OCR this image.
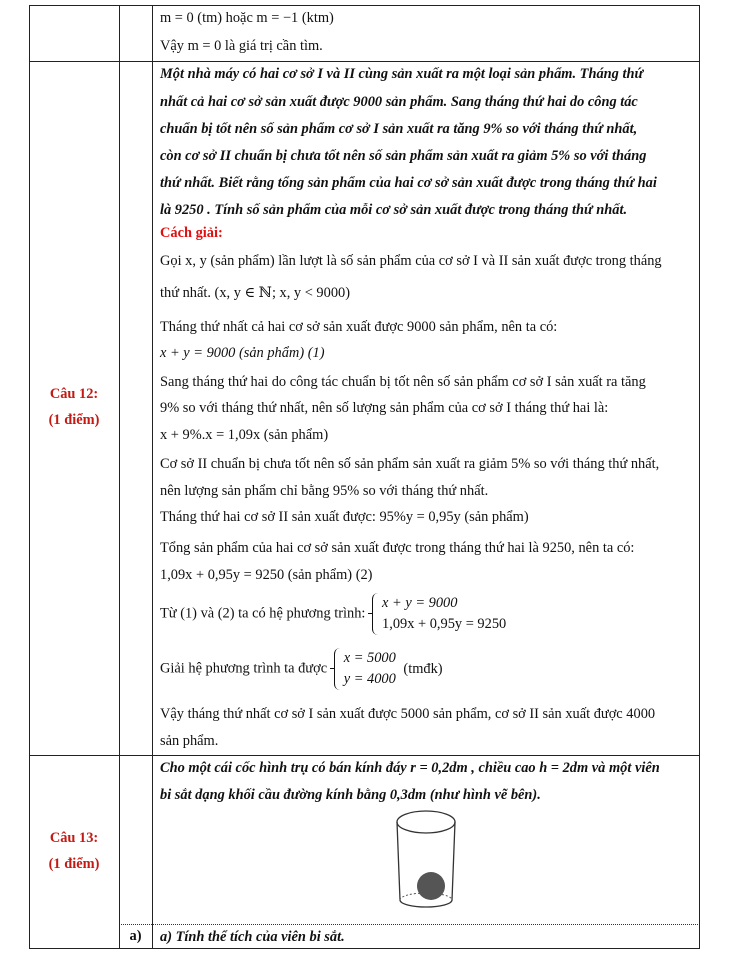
Câu 12:
(1 điểm)
Câu 13:
(1 điểm)
a)
m = 0 (tm) hoặc m = −1 (ktm)
Vậy m = 0 là giá trị cần tìm.
Một nhà máy có hai cơ sở I và II cùng sản xuất ra một loại sản phẩm. Tháng thứ
nhất cả hai cơ sở sản xuất được 9000 sản phẩm. Sang tháng thứ hai do công tác
chuẩn bị tốt nên số sản phẩm cơ sở I sản xuất ra tăng 9% so với tháng thứ nhất,
còn cơ sở II chuẩn bị chưa tốt nên số sản phẩm sản xuất ra giảm 5% so với tháng
thứ nhất. Biết rằng tổng sản phẩm của hai cơ sở sản xuất được trong tháng thứ hai
là 9250 . Tính số sản phẩm của mỗi cơ sở sản xuất được trong tháng thứ nhất.
Cách giải:
Gọi x, y (sản phẩm) lần lượt là số sản phẩm của cơ sở I và II sản xuất được trong tháng
thứ nhất. (x, y ∈ ℕ; x, y < 9000)
Tháng thứ nhất cả hai cơ sở sản xuất được 9000 sản phẩm, nên ta có:
x + y = 9000 (sản phẩm) (1)
Sang tháng thứ hai do công tác chuẩn bị tốt nên số sản phẩm cơ sở I sản xuất ra tăng
9% so với tháng thứ nhất, nên số lượng sản phẩm của cơ sở I tháng thứ hai là:
x + 9%.x = 1,09x (sản phẩm)
Cơ sở II chuẩn bị chưa tốt nên số sản phẩm sản xuất ra giảm 5% so với tháng thứ nhất,
nên lượng sản phẩm chỉ bằng 95% so với tháng thứ nhất.
Tháng thứ hai cơ sở II sản xuất được: 95%y = 0,95y (sản phẩm)
Tổng sản phẩm của hai cơ sở sản xuất được trong tháng thứ hai là 9250, nên ta có:
1,09x + 0,95y = 9250 (sản phẩm) (2)
Từ (1) và (2) ta có hệ phương trình:
x + y = 9000
1,09x + 0,95y = 9250
Giải hệ phương trình ta được
x = 5000
y = 4000
(tmđk)
Vậy tháng thứ nhất cơ sở I sản xuất được 5000 sản phẩm, cơ sở II sản xuất được 4000
sản phẩm.
Cho một cái cốc hình trụ có bán kính đáy r = 0,2dm , chiều cao h = 2dm và một viên
bi sắt dạng khối cầu đường kính bằng 0,3dm (như hình vẽ bên).
a) Tính thể tích của viên bi sắt.
